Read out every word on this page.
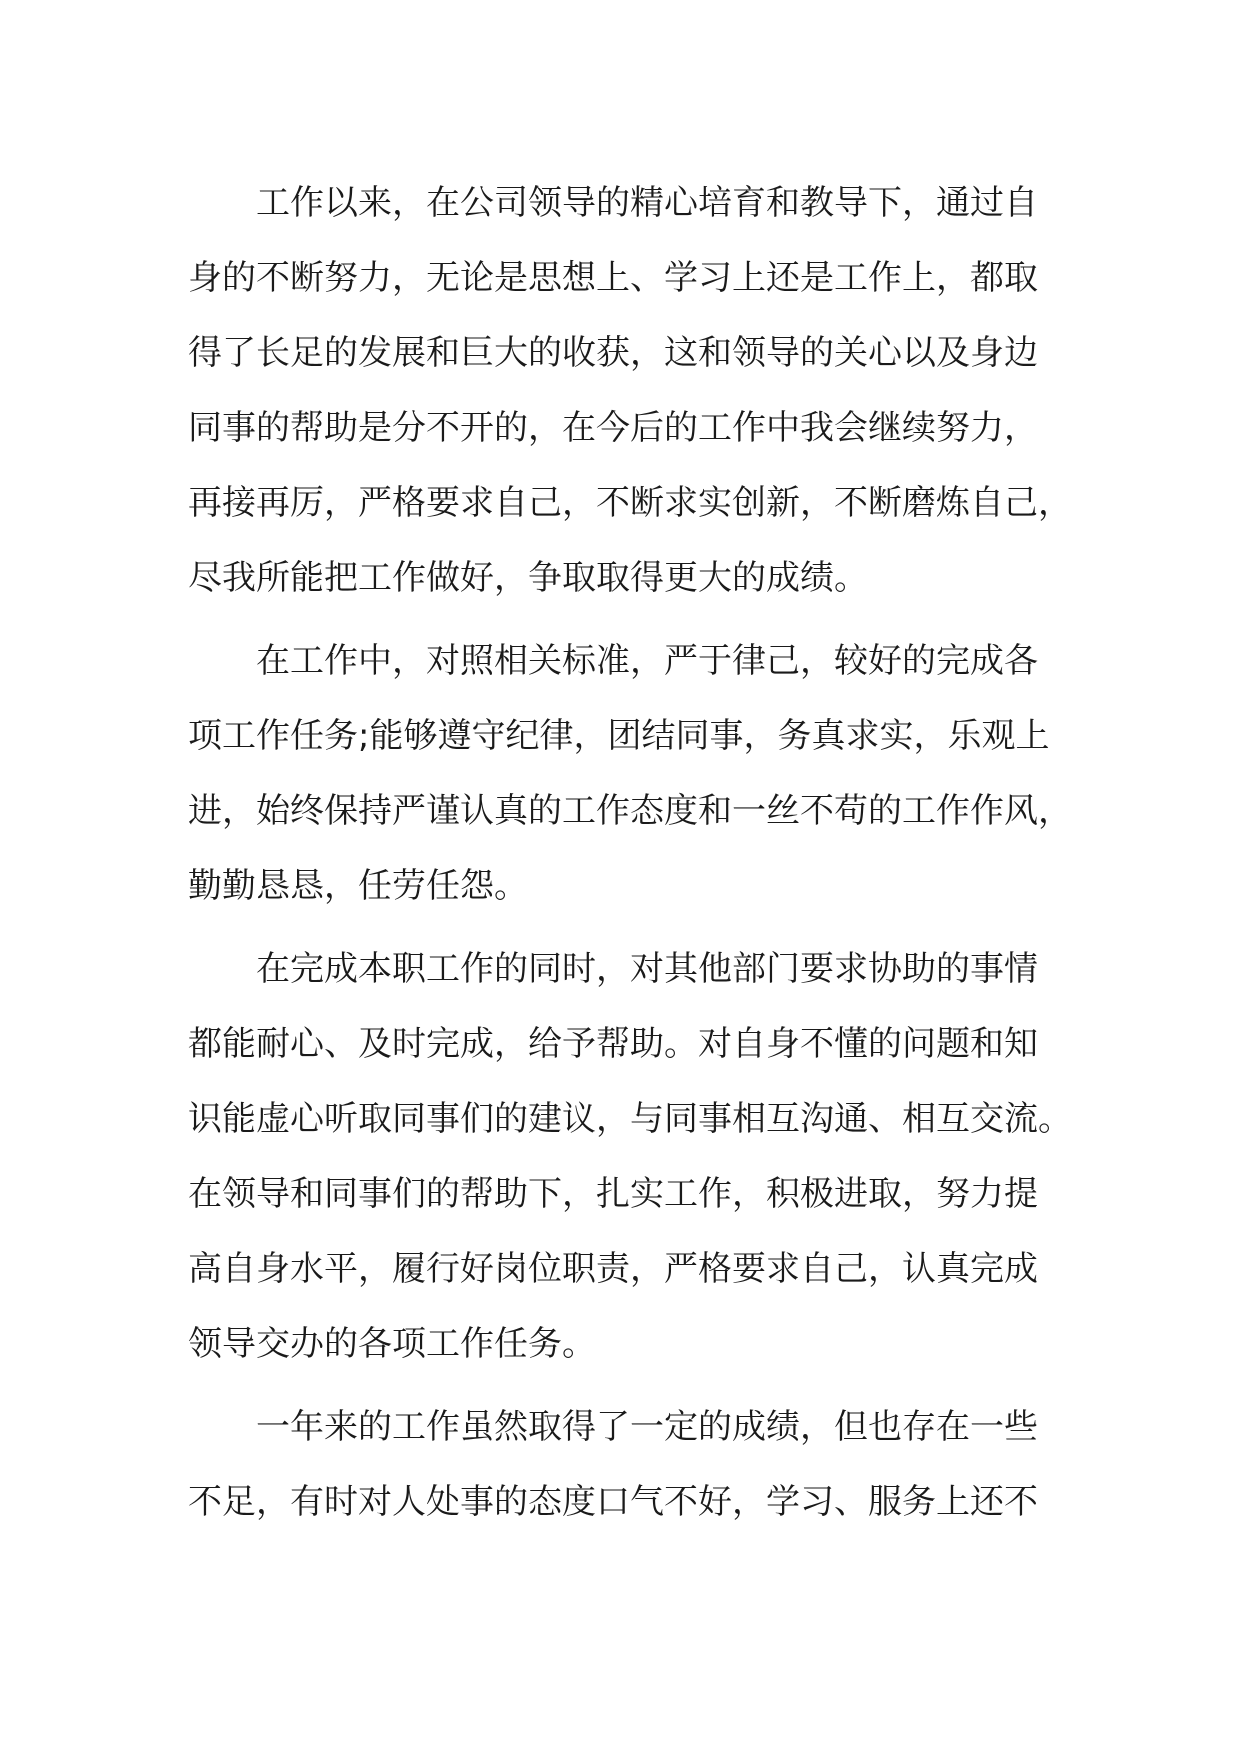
工作以来，在公司领导的精心培育和教导下，通过自
身的不断努力，无论是思想上、学习上还是工作上，都取
得了长足的发展和巨大的收获，这和领导的关心以及身边
同事的帮助是分不开的，在今后的工作中我会继续努力，
再接再厉，严格要求自己，不断求实创新，不断磨炼自己，
尽我所能把工作做好，争取取得更大的成绩。

在工作中，对照相关标准，严于律己，较好的完成各
项工作任务;能够遵守纪律，团结同事，务真求实，乐观上
进，始终保持严谨认真的工作态度和一丝不苟的工作作风，
勤勤恳恳，任劳任怨。

在完成本职工作的同时，对其他部门要求协助的事情
都能耐心、及时完成，给予帮助。对自身不懂的问题和知
识能虚心听取同事们的建议，与同事相互沟通、相互交流。
在领导和同事们的帮助下，扎实工作，积极进取，努力提
高自身水平，履行好岗位职责，严格要求自己，认真完成
领导交办的各项工作任务。

一年来的工作虽然取得了一定的成绩，但也存在一些
不足，有时对人处事的态度口气不好，学习、服务上还不
